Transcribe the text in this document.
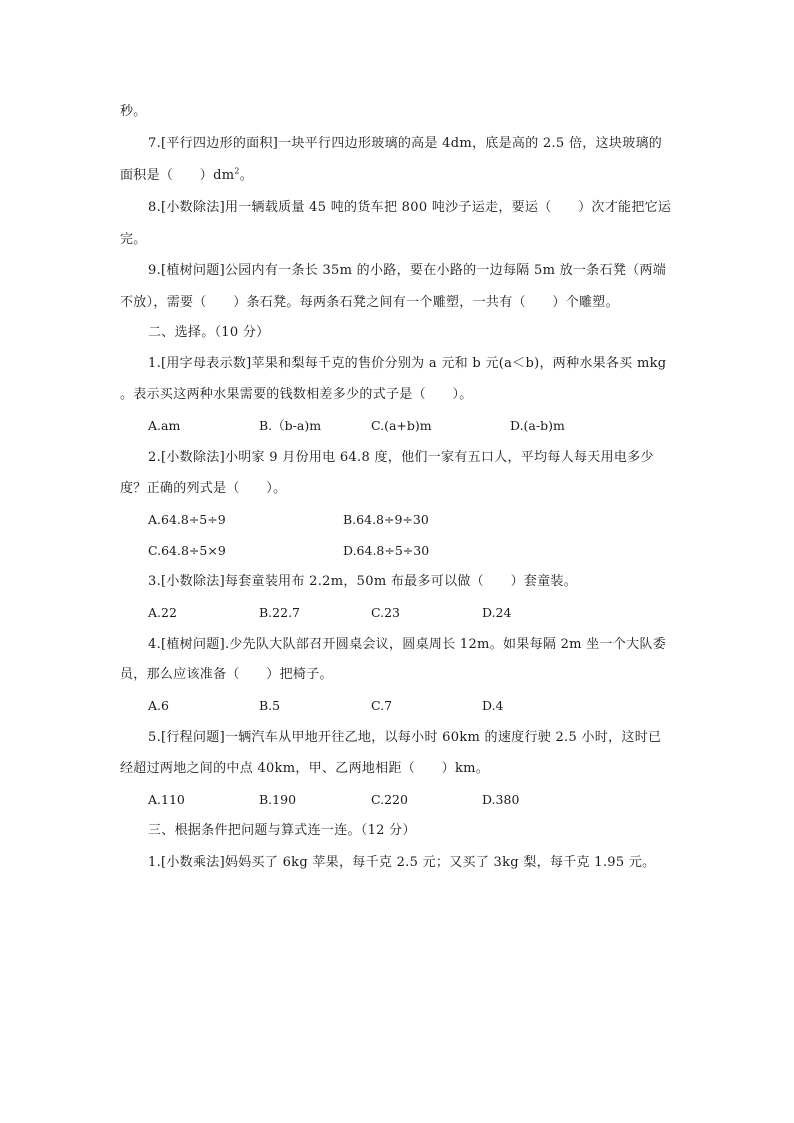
秒。
7.[平行四边形的面积]一块平行四边形玻璃的高是 4dm，底是高的 2.5 倍，这块玻璃的
面积是（　　）$dm^2$。
8.[小数除法]用一辆载质量 45 吨的货车把 800 吨沙子运走，要运（　　）次才能把它运
完。
9.[植树问题]公园内有一条长 35m 的小路，要在小路的一边每隔 5m 放一条石凳（两端
不放），需要（　　）条石凳。每两条石凳之间有一个雕塑，一共有（　　）个雕塑。
二、选择。（10 分）
1.[用字母表示数]苹果和梨每千克的售价分别为 a 元和 b 元(a＜b)，两种水果各买 mkg
。表示买这两种水果需要的钱数相差多少的式子是（　　）。
A.am	B.（b-a)m	C.(a+b)m	D.(a-b)m
2.[小数除法]小明家 9 月份用电 64.8 度，他们一家有五口人，平均每人每天用电多少
度？正确的列式是（　　）。
A.64.8÷5÷9	B.64.8÷9÷30
C.64.8÷5×9	D.64.8÷5÷30
3.[小数除法]每套童装用布 2.2m，50m 布最多可以做（　　）套童装。
A.22	B.22.7	C.23	D.24
4.[植树问题].少先队大队部召开圆桌会议，圆桌周长 12m。如果每隔 2m 坐一个大队委
员，那么应该准备（　　）把椅子。
A.6	B.5	C.7	D.4
5.[行程问题]一辆汽车从甲地开往乙地，以每小时 60km 的速度行驶 2.5 小时，这时已
经超过两地之间的中点 40km，甲、乙两地相距（　　）km。
A.110	B.190	C.220	D.380
三、根据条件把问题与算式连一连。（12 分）
1.[小数乘法]妈妈买了 6kg 苹果，每千克 2.5 元；又买了 3kg 梨，每千克 1.95 元。
